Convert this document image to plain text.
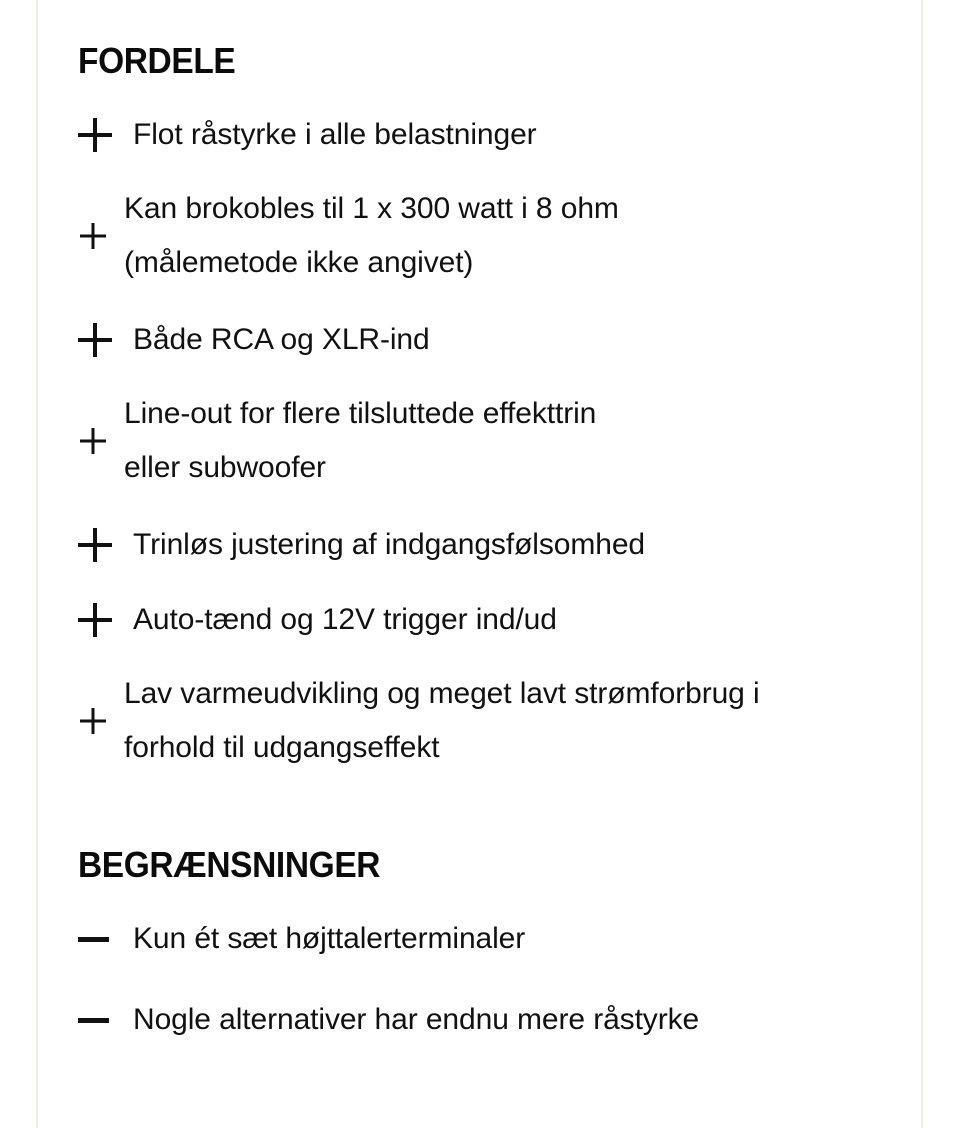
FORDELE
Flot råstyrke i alle belastninger
Kan brokobles til 1 x 300 watt i 8 ohm
(målemetode ikke angivet)
Både RCA og XLR-ind
Line-out for flere tilsluttede effekttrin
eller subwoofer
Trinløs justering af indgangsfølsomhed
Auto-tænd og 12V trigger ind/ud
Lav varmeudvikling og meget lavt strømforbrug i
forhold til udgangseffekt
BEGRÆNSNINGER
Kun ét sæt højttalerterminaler
Nogle alternativer har endnu mere råstyrke
